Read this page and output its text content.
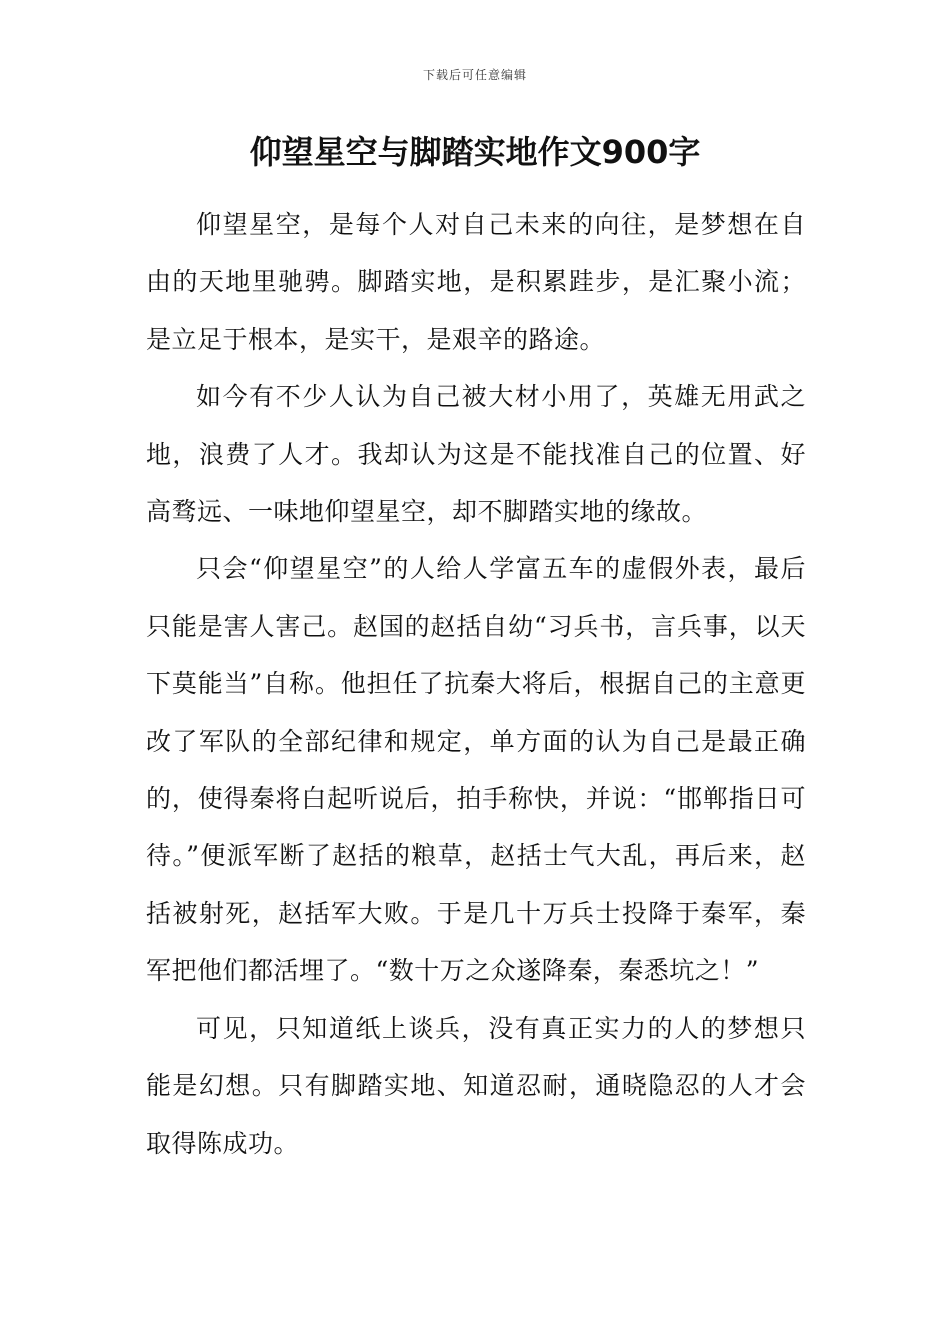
下载后可任意编辑
仰望星空与脚踏实地作文900字

仰望星空，是每个人对自己未来的向往，是梦想在自由的天地里驰骋。脚踏实地，是积累跬步，是汇聚小流；是立足于根本，是实干，是艰辛的路途。

如今有不少人认为自己被大材小用了，英雄无用武之地，浪费了人才。我却认为这是不能找准自己的位置、好高骛远、一味地仰望星空，却不脚踏实地的缘故。

只会“仰望星空”的人给人学富五车的虚假外表，最后只能是害人害己。赵国的赵括自幼“习兵书，言兵事，以天下莫能当”自称。他担任了抗秦大将后，根据自己的主意更改了军队的全部纪律和规定，单方面的认为自己是最正确的，使得秦将白起听说后，拍手称快，并说：“邯郸指日可待。”便派军断了赵括的粮草，赵括士气大乱，再后来，赵括被射死，赵括军大败。于是几十万兵士投降于秦军，秦军把他们都活埋了。“数十万之众遂降秦，秦悉坑之！”

可见，只知道纸上谈兵，没有真正实力的人的梦想只能是幻想。只有脚踏实地、知道忍耐，通晓隐忍的人才会取得陈成功。
